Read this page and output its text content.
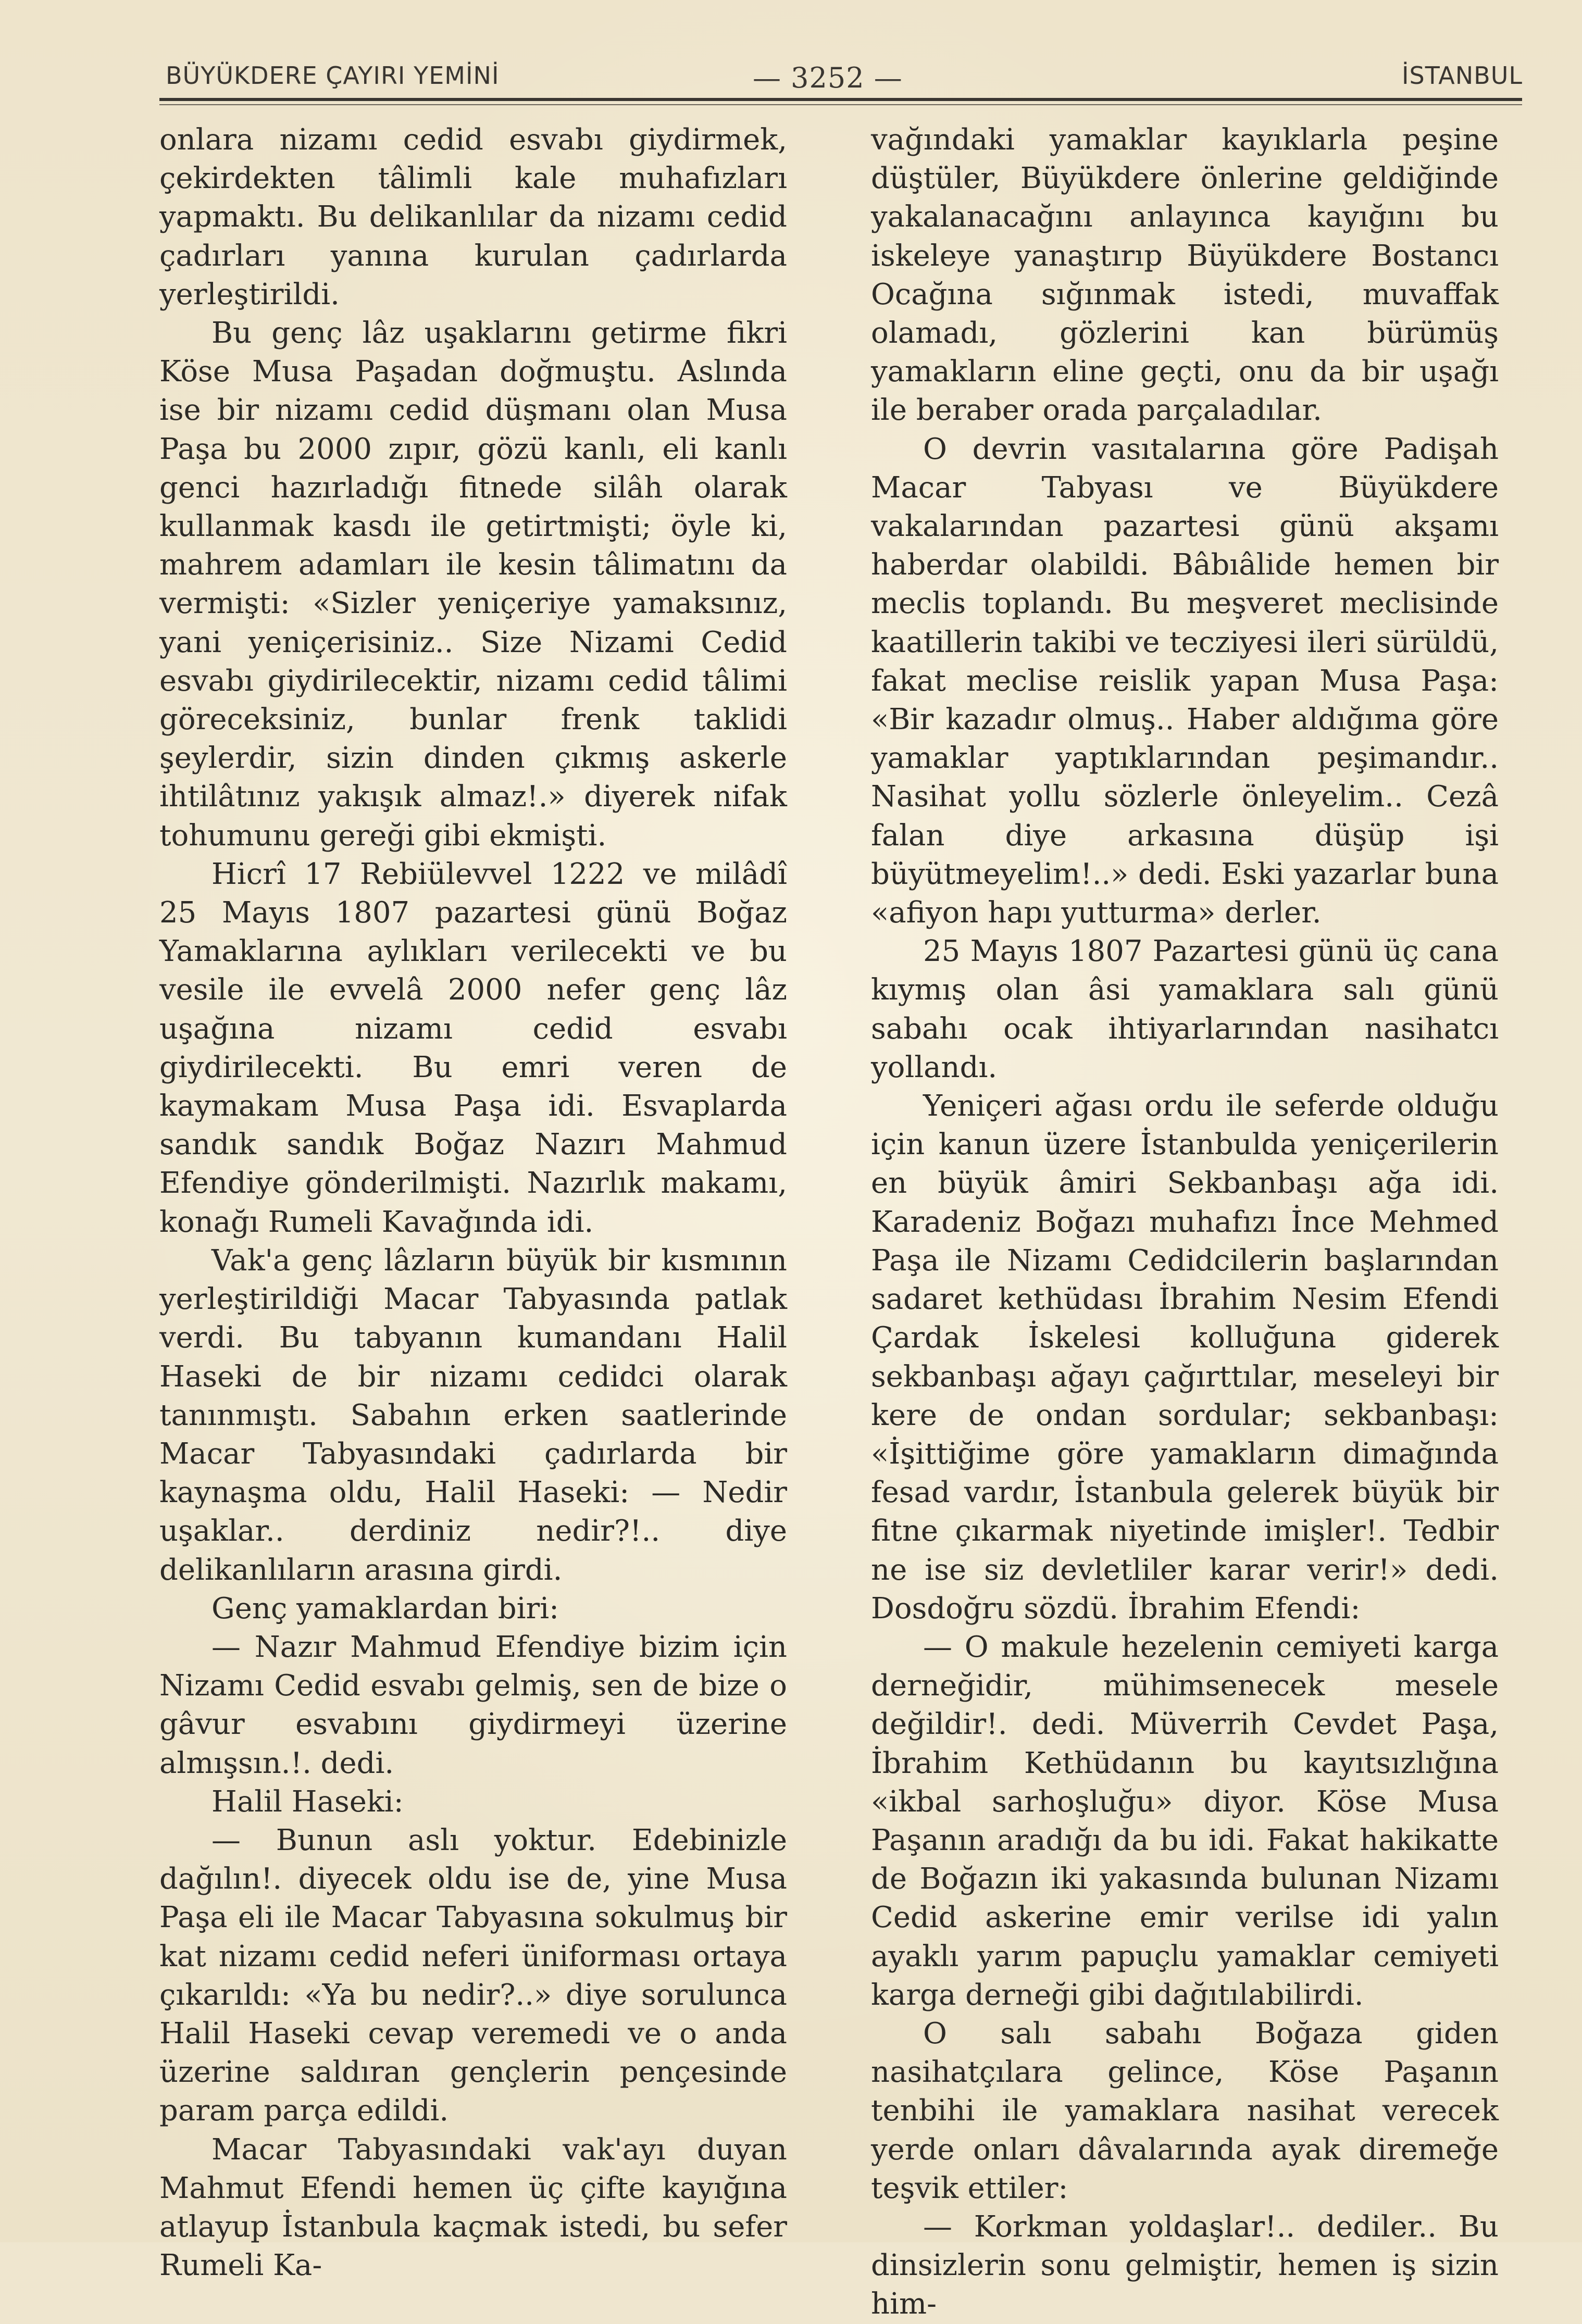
BÜYÜKDERE ÇAYIRI YEMİNİ	— 3252 —	İSTANBUL

onlara nizamı cedid esvabı giydirmek, çekirdekten tâlimli kale muhafızları yapmaktı. Bu delikanlılar da nizamı cedid çadırları yanına kurulan çadırlarda yerleştirildi.

Bu genç lâz uşaklarını getirme fikri Köse Musa Paşadan doğmuştu. Aslında ise bir nizamı cedid düşmanı olan Musa Paşa bu 2000 zıpır, gözü kanlı, eli kanlı genci hazırladığı fitnede silâh olarak kullanmak kasdı ile getirtmişti; öyle ki, mahrem adamları ile kesin tâlimatını da vermişti: «Sizler yeniçeriye yamaksınız, yani yeniçerisiniz.. Size Nizami Cedid esvabı giydirilecektir, nizamı cedid tâlimi göreceksiniz, bunlar frenk taklidi şeylerdir, sizin dinden çıkmış askerle ihtilâtınız yakışık almaz!.» diyerek nifak tohumunu gereği gibi ekmişti.

Hicrî 17 Rebiülevvel 1222 ve milâdî 25 Mayıs 1807 pazartesi günü Boğaz Yamaklarına aylıkları verilecekti ve bu vesile ile evvelâ 2000 nefer genç lâz uşağına nizamı cedid esvabı giydirilecekti. Bu emri veren de kaymakam Musa Paşa idi. Esvaplarda sandık sandık Boğaz Nazırı Mahmud Efendiye gönderilmişti. Nazırlık makamı, konağı Rumeli Kavağında idi.

Vak'a genç lâzların büyük bir kısmının yerleştirildiği Macar Tabyasında patlak verdi. Bu tabyanın kumandanı Halil Haseki de bir nizamı cedidci olarak tanınmıştı. Sabahın erken saatlerinde Macar Tabyasındaki çadırlarda bir kaynaşma oldu, Halil Haseki: — Nedir uşaklar.. derdiniz nedir?!.. diye delikanlıların arasına girdi.

Genç yamaklardan biri:

— Nazır Mahmud Efendiye bizim için Nizamı Cedid esvabı gelmiş, sen de bize o gâvur esvabını giydirmeyi üzerine almışsın.!. dedi.

Halil Haseki:

— Bunun aslı yoktur. Edebinizle dağılın!. diyecek oldu ise de, yine Musa Paşa eli ile Macar Tabyasına sokulmuş bir kat nizamı cedid neferi üniforması ortaya çıkarıldı: «Ya bu nedir?..» diye sorulunca Halil Haseki cevap veremedi ve o anda üzerine saldıran gençlerin pençesinde param parça edildi.

Macar Tabyasındaki vak'ayı duyan Mahmut Efendi hemen üç çifte kayığına atlayup İstanbula kaçmak istedi, bu sefer Rumeli Ka-

vağındaki yamaklar kayıklarla peşine düştüler, Büyükdere önlerine geldiğinde yakalanacağını anlayınca kayığını bu iskeleye yanaştırıp Büyükdere Bostancı Ocağına sığınmak istedi, muvaffak olamadı, gözlerini kan bürümüş yamakların eline geçti, onu da bir uşağı ile beraber orada parçaladılar.

O devrin vasıtalarına göre Padişah Macar Tabyası ve Büyükdere vakalarından pazartesi günü akşamı haberdar olabildi. Bâbıâlide hemen bir meclis toplandı. Bu meşveret meclisinde kaatillerin takibi ve tecziyesi ileri sürüldü, fakat meclise reislik yapan Musa Paşa: «Bir kazadır olmuş.. Haber aldığıma göre yamaklar yaptıklarından peşimandır.. Nasihat yollu sözlerle önleyelim.. Cezâ falan diye arkasına düşüp işi büyütmeyelim!..» dedi. Eski yazarlar buna «afiyon hapı yutturma» derler.

25 Mayıs 1807 Pazartesi günü üç cana kıymış olan âsi yamaklara salı günü sabahı ocak ihtiyarlarından nasihatcı yollandı.

Yeniçeri ağası ordu ile seferde olduğu için kanun üzere İstanbulda yeniçerilerin en büyük âmiri Sekbanbaşı ağa idi. Karadeniz Boğazı muhafızı İnce Mehmed Paşa ile Nizamı Cedidcilerin başlarından sadaret kethüdası İbrahim Nesim Efendi Çardak İskelesi kolluğuna giderek sekbanbaşı ağayı çağırttılar, meseleyi bir kere de ondan sordular; sekbanbaşı: «İşittiğime göre yamakların dimağında fesad vardır, İstanbula gelerek büyük bir fitne çıkarmak niyetinde imişler!. Tedbir ne ise siz devletliler karar verir!» dedi. Dosdoğru sözdü. İbrahim Efendi:

— O makule hezelenin cemiyeti karga derneğidir, mühimsenecek mesele değildir!. dedi. Müverrih Cevdet Paşa, İbrahim Kethüdanın bu kayıtsızlığına «ikbal sarhoşluğu» diyor. Köse Musa Paşanın aradığı da bu idi. Fakat hakikatte de Boğazın iki yakasında bulunan Nizamı Cedid askerine emir verilse idi yalın ayaklı yarım papuçlu yamaklar cemiyeti karga derneği gibi dağıtılabilirdi.

O salı sabahı Boğaza giden nasihatçılara gelince, Köse Paşanın tenbihi ile yamaklara nasihat verecek yerde onları dâvalarında ayak diremeğe teşvik ettiler:

— Korkman yoldaşlar!.. dediler.. Bu dinsizlerin sonu gelmiştir, hemen iş sizin him-
